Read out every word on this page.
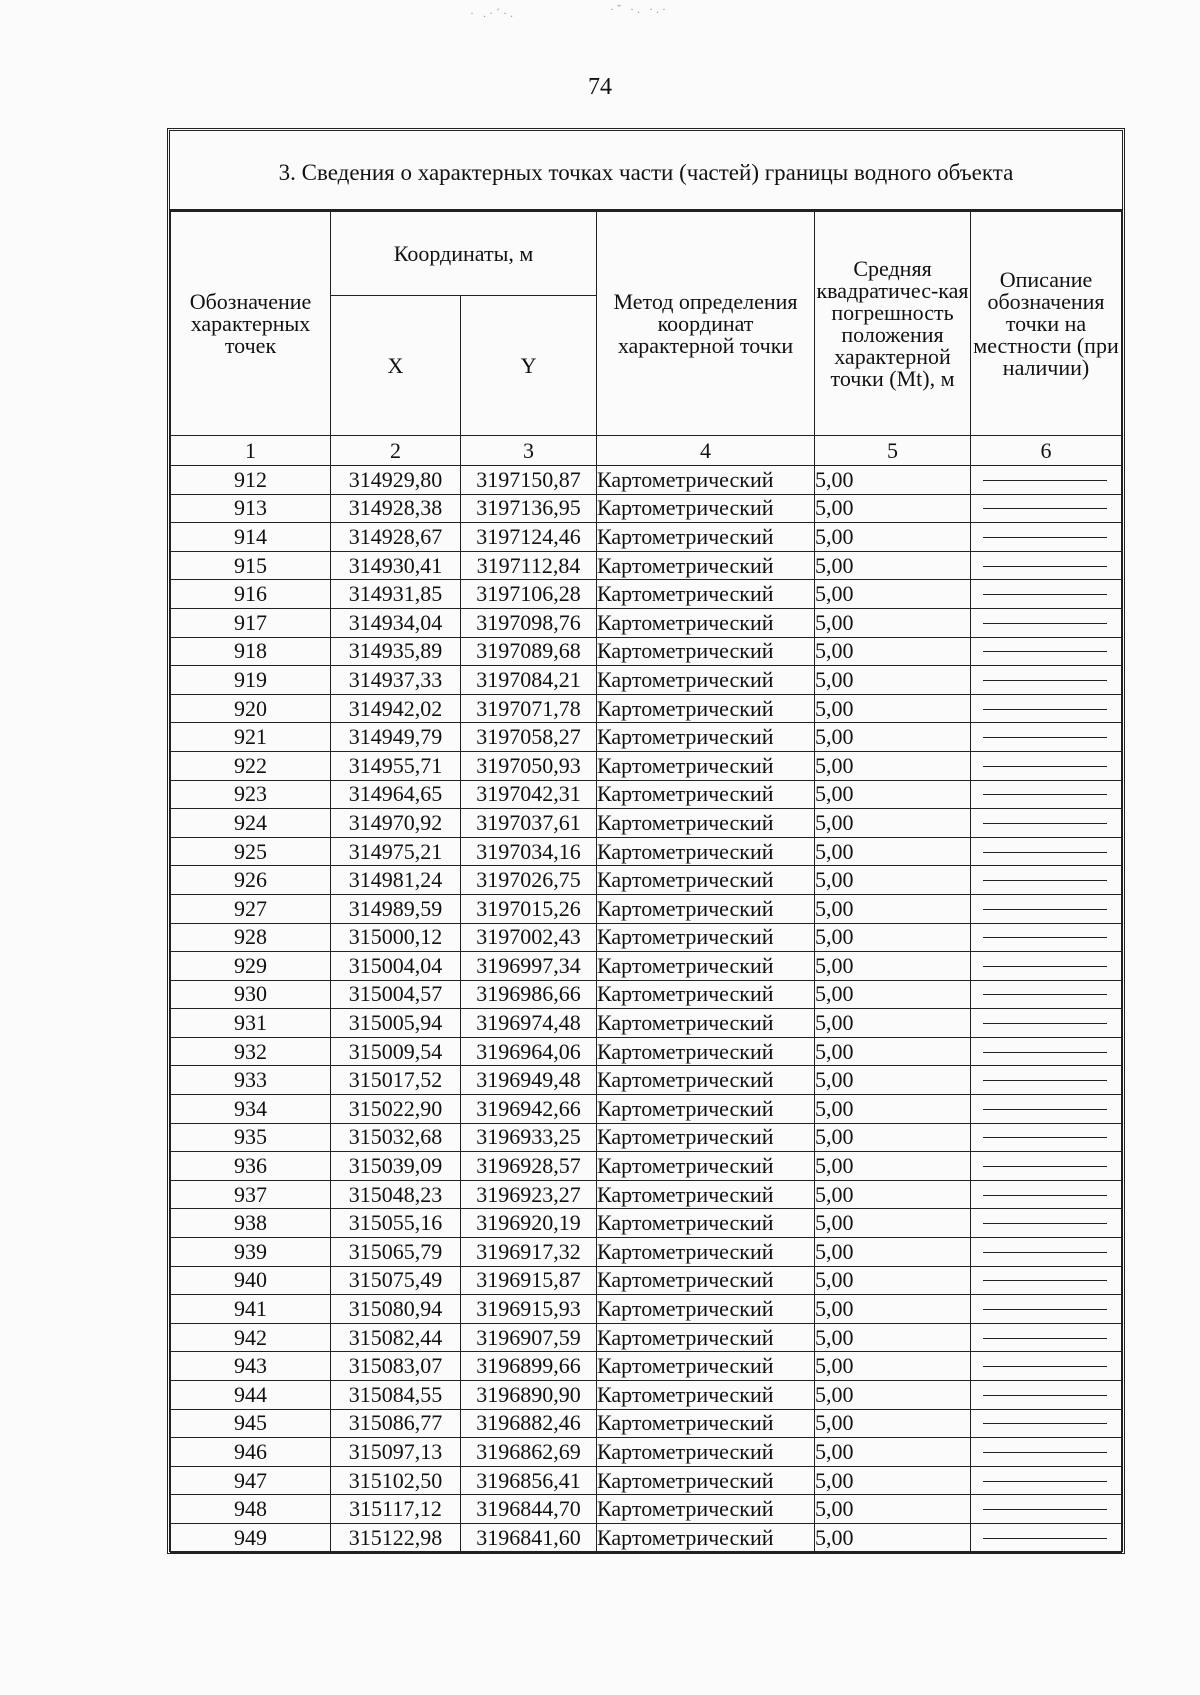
74
3. Сведения о характерных точках части (частей) границы водного объекта
Обозначение характерных точек	Координаты, м		Метод определения координат характерной точки	Средняя квадратичес-кая погрешность положения характерной точки (Mt), м	Описание обозначения точки на местности (при наличии)
	X	Y			
1	2	3	4	5	6
912	314929,80	3197150,87	Картометрический	5,00	

913	314928,38	3197136,95	Картометрический	5,00	

914	314928,67	3197124,46	Картометрический	5,00	

915	314930,41	3197112,84	Картометрический	5,00	

916	314931,85	3197106,28	Картометрический	5,00	

917	314934,04	3197098,76	Картометрический	5,00	

918	314935,89	3197089,68	Картометрический	5,00	

919	314937,33	3197084,21	Картометрический	5,00	

920	314942,02	3197071,78	Картометрический	5,00	

921	314949,79	3197058,27	Картометрический	5,00	

922	314955,71	3197050,93	Картометрический	5,00	

923	314964,65	3197042,31	Картометрический	5,00	

924	314970,92	3197037,61	Картометрический	5,00	

925	314975,21	3197034,16	Картометрический	5,00	

926	314981,24	3197026,75	Картометрический	5,00	

927	314989,59	3197015,26	Картометрический	5,00	

928	315000,12	3197002,43	Картометрический	5,00	

929	315004,04	3196997,34	Картометрический	5,00	

930	315004,57	3196986,66	Картометрический	5,00	

931	315005,94	3196974,48	Картометрический	5,00	

932	315009,54	3196964,06	Картометрический	5,00	

933	315017,52	3196949,48	Картометрический	5,00	

934	315022,90	3196942,66	Картометрический	5,00	

935	315032,68	3196933,25	Картометрический	5,00	

936	315039,09	3196928,57	Картометрический	5,00	

937	315048,23	3196923,27	Картометрический	5,00	

938	315055,16	3196920,19	Картометрический	5,00	

939	315065,79	3196917,32	Картометрический	5,00	

940	315075,49	3196915,87	Картометрический	5,00	

941	315080,94	3196915,93	Картометрический	5,00	

942	315082,44	3196907,59	Картометрический	5,00	

943	315083,07	3196899,66	Картометрический	5,00	

944	315084,55	3196890,90	Картометрический	5,00	

945	315086,77	3196882,46	Картометрический	5,00	

946	315097,13	3196862,69	Картометрический	5,00	

947	315102,50	3196856,41	Картометрический	5,00	

948	315117,12	3196844,70	Картометрический	5,00	

949	315122,98	3196841,60	Картометрический	5,00	
· .·´·.	·ˇ ·. ·.·
